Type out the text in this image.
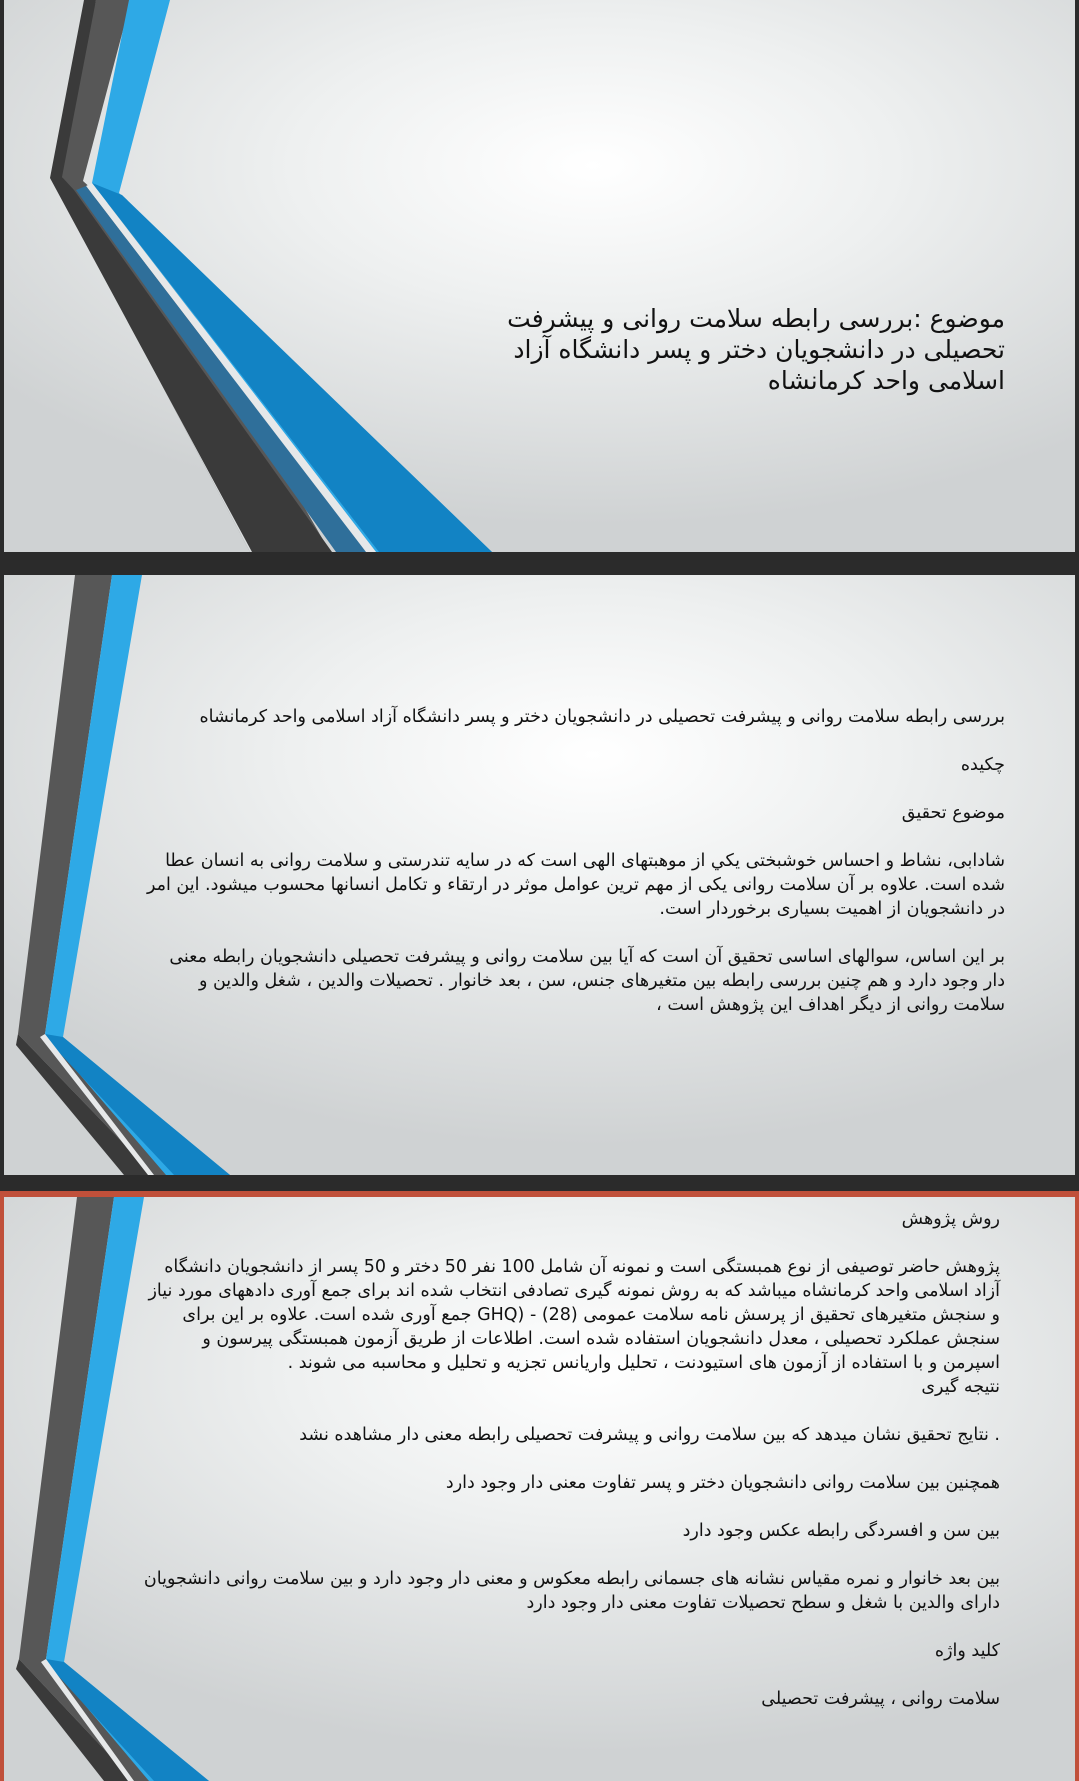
موضوع :بررسی رابطه سلامت روانی و پیشرفت تحصیلی در دانشجویان دختر و پسر دانشگاه آزاد اسلامی واحد کرمانشاه

بررسی رابطه سلامت روانی و پیشرفت تحصیلی در دانشجویان دختر و پسر دانشگاه آزاد اسلامی واحد کرمانشاه

چکیده

موضوع تحقیق

شادابی، نشاط و احساس خوشبختی يكي از موهبتهای الهی است که در سایه تندرستی و سلامت روانی به انسان عطا شده است. علاوه بر آن سلامت روانی یکی از مهم ترین عوامل موثر در ارتقاء و تکامل انسانها محسوب میشود. این امر در دانشجویان از اهمیت بسیاری برخوردار است.

بر این اساس، سوالهای اساسی تحقیق آن است که آیا بین سلامت روانی و پیشرفت تحصیلی دانشجویان رابطه معنی دار وجود دارد و هم چنین بررسی رابطه بین متغیرهای جنس، سن ، بعد خانوار . تحصیلات والدین ، شغل والدین و سلامت روانی از دیگر اهداف این پژوهش است ،

روش پژوهش

پژوهش حاضر توصیفی از نوع همبستگی است و نمونه آن شامل 100 نفر 50 دختر و 50 پسر از دانشجویان دانشگاه آزاد اسلامی واحد کرمانشاه میباشد که به روش نمونه گیری تصادفی انتخاب شده اند برای جمع آوری دادههای مورد نیاز و سنجش متغیرهای تحقیق از پرسش نامه سلامت عمومی GHQ) - (28) جمع آوری شده است. علاوه بر این برای سنجش عملکرد تحصیلی ، معدل دانشجویان استفاده شده است. اطلاعات از طریق آزمون همبستگی پیرسون و اسپرمن و با استفاده از آزمون های استیودنت ، تحلیل واریانس تجزیه و تحلیل و محاسبه می شوند .

نتیجه گیری

. نتایج تحقیق نشان میدهد که بین سلامت روانی و پیشرفت تحصیلی رابطه معنی دار مشاهده نشد

همچنین بین سلامت روانی دانشجویان دختر و پسر تفاوت معنی دار وجود دارد

بین سن و افسردگی رابطه عکس وجود دارد

بین بعد خانوار و نمره مقیاس نشانه های جسمانی رابطه معکوس و معنی دار وجود دارد و بین سلامت روانی دانشجویان دارای والدین با شغل و سطح تحصیلات تفاوت معنی دار وجود دارد

کلید واژه

سلامت روانی ، پیشرفت تحصیلی
